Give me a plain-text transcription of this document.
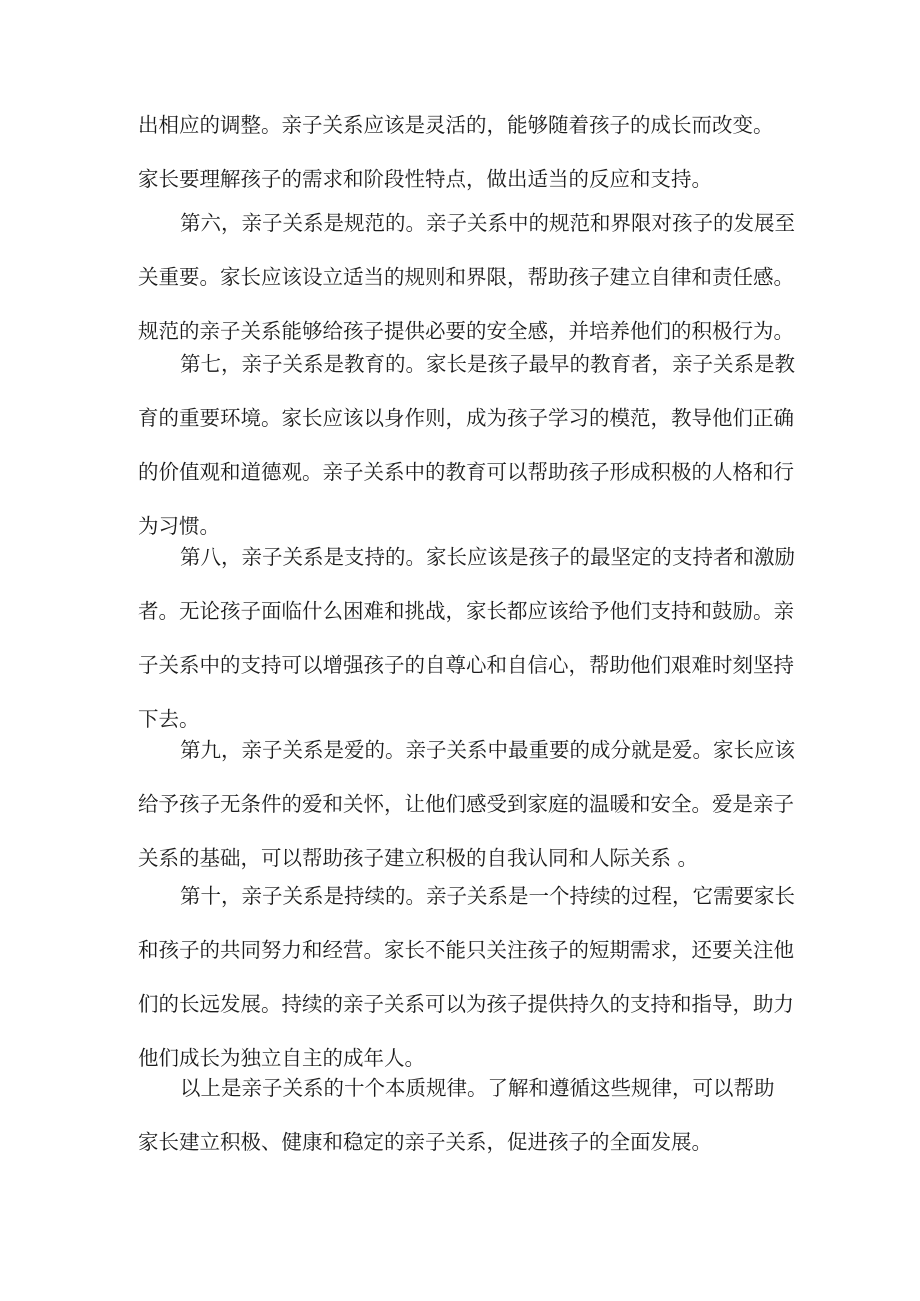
出相应的调整。亲子关系应该是灵活的，能够随着孩子的成长而改变。
家长要理解孩子的需求和阶段性特点，做出适当的反应和支持。
第六，亲子关系是规范的。亲子关系中的规范和界限对孩子的发展至
关重要。家长应该设立适当的规则和界限，帮助孩子建立自律和责任感。
规范的亲子关系能够给孩子提供必要的安全感，并培养他们的积极行为。
第七，亲子关系是教育的。家长是孩子最早的教育者，亲子关系是教
育的重要环境。家长应该以身作则，成为孩子学习的模范，教导他们正确
的价值观和道德观。亲子关系中的教育可以帮助孩子形成积极的人格和行
为习惯。
第八，亲子关系是支持的。家长应该是孩子的最坚定的支持者和激励
者。无论孩子面临什么困难和挑战，家长都应该给予他们支持和鼓励。亲
子关系中的支持可以增强孩子的自尊心和自信心，帮助他们艰难时刻坚持
下去。
第九，亲子关系是爱的。亲子关系中最重要的成分就是爱。家长应该
给予孩子无条件的爱和关怀，让他们感受到家庭的温暖和安全。爱是亲子
关系的基础，可以帮助孩子建立积极的自我认同和人际关系 。
第十，亲子关系是持续的。亲子关系是一个持续的过程，它需要家长
和孩子的共同努力和经营。家长不能只关注孩子的短期需求，还要关注他
们的长远发展。持续的亲子关系可以为孩子提供持久的支持和指导，助力
他们成长为独立自主的成年人。
以上是亲子关系的十个本质规律。了解和遵循这些规律，可以帮助
家长建立积极、健康和稳定的亲子关系，促进孩子的全面发展。
